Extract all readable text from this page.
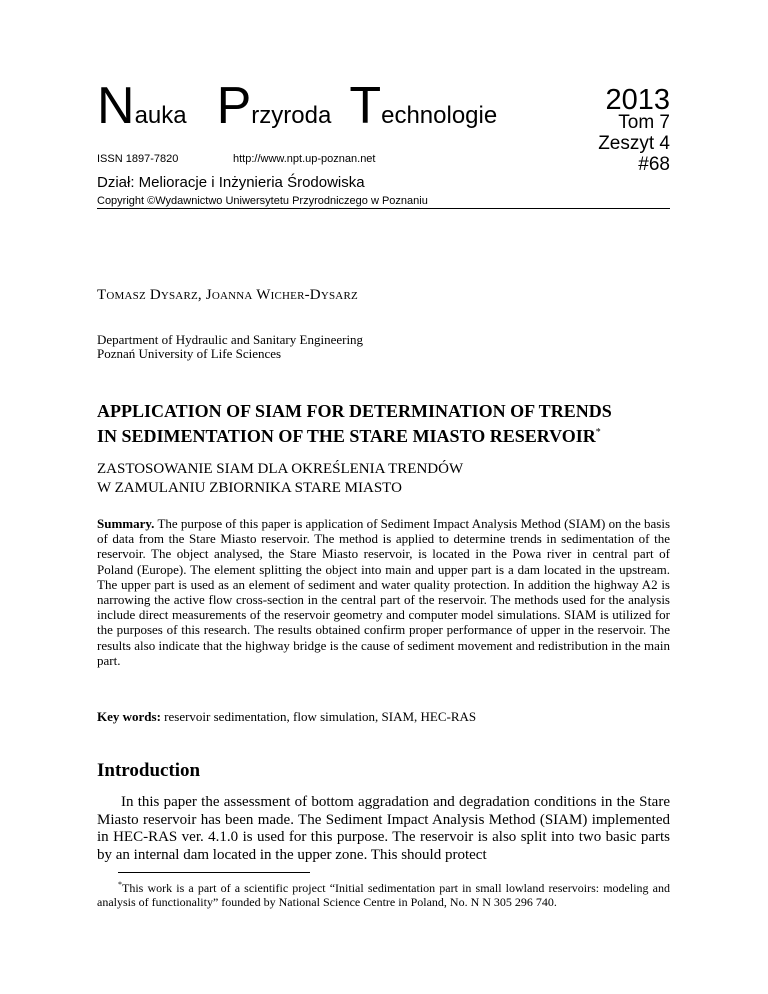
Nauka Przyroda Technologie
ISSN 1897-7820	http://www.npt.up-poznan.net
Dział: Melioracje i Inżynieria Środowiska
Copyright ©Wydawnictwo Uniwersytetu Przyrodniczego w Poznaniu
2013
Tom 7
Zeszyt 4
#68
Tomasz Dysarz, Joanna Wicher-Dysarz
Department of Hydraulic and Sanitary Engineering
Poznań University of Life Sciences
APPLICATION OF SIAM FOR DETERMINATION OF TRENDS
IN SEDIMENTATION OF THE STARE MIASTO RESERVOIR*
ZASTOSOWANIE SIAM DLA OKREŚLENIA TRENDÓW
W ZAMULANIU ZBIORNIKA STARE MIASTO
Summary. The purpose of this paper is application of Sediment Impact Analysis Method (SIAM) on the basis of data from the Stare Miasto reservoir. The method is applied to determine trends in sedimentation of the reservoir. The object analysed, the Stare Miasto reservoir, is located in the Powa river in central part of Poland (Europe). The element splitting the object into main and upper part is a dam located in the upstream. The upper part is used as an element of sediment and water quality protection. In addition the highway A2 is narrowing the active flow cross-section in the central part of the reservoir. The methods used for the analysis include direct measurements of the reservoir geometry and computer model simulations. SIAM is utilized for the purposes of this research. The results obtained confirm proper performance of upper in the reservoir. The results also indicate that the highway bridge is the cause of sediment movement and redistribution in the main part.
Key words: reservoir sedimentation, flow simulation, SIAM, HEC-RAS
Introduction
In this paper the assessment of bottom aggradation and degradation conditions in the Stare Miasto reservoir has been made. The Sediment Impact Analysis Method (SIAM) implemented in HEC-RAS ver. 4.1.0 is used for this purpose. The reservoir is also split into two basic parts by an internal dam located in the upper zone. This should protect
*This work is a part of a scientific project “Initial sedimentation part in small lowland reservoirs: modeling and analysis of functionality” founded by National Science Centre in Poland, No. N N 305 296 740.
